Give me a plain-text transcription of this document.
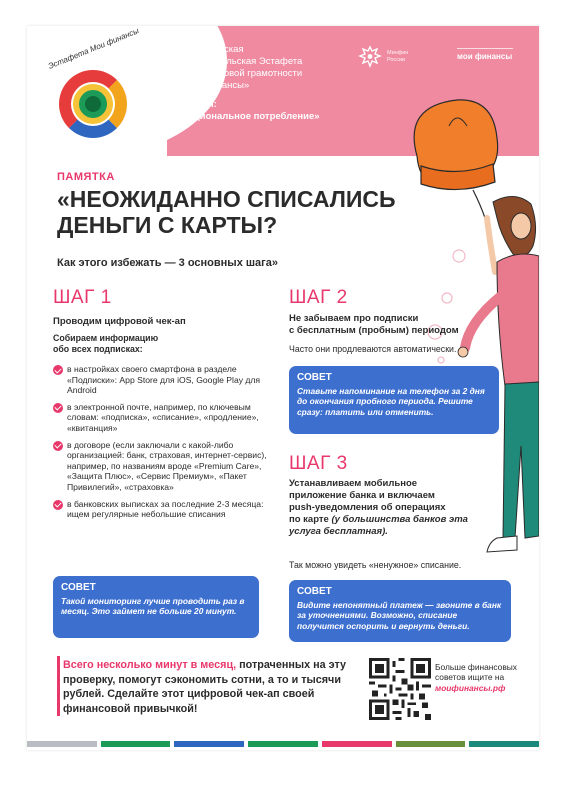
Эстафета Мои финансы	Всероссийская
просветительская Эстафета
по финансовой грамотности
«Мои финансы»
Этап VII:
«Рациональное потребление»
Минфин России	мои финансы
ПАМЯТКА
«НЕОЖИДАННО СПИСАЛИСЬ
ДЕНЬГИ С КАРТЫ?
Как этого избежать — 3 основных шага»
ШАГ 1
Проводим цифровой чек-ап
Собираем информацию
обо всех подписках:
в настройках своего смартфона в разделе «Подписки»: App Store для iOS, Google Play для Android
в электронной почте, например, по ключевым словам: «подписка», «списание», «продление», «квитанция»
в договоре (если заключали с какой-либо организацией: банк, страховая, интернет-сервис), например, по названиям вроде «Premium Care», «Защита Плюс», «Сервис Премиум», «Пакет Привилегий», «страховка»
в банковских выписках за последние 2-3 месяца: ищем регулярные небольшие списания
СОВЕТ
Такой мониторинг лучше проводить раз в месяц. Это займет не больше 20 минут.
ШАГ 2
Не забываем про подписки
с бесплатным (пробным) периодом
Часто они продлеваются автоматически.
СОВЕТ
Ставьте напоминание на телефон за 2 дня до окончания пробного периода. Решите сразу: платить или отменить.
ШАГ 3
Устанавливаем мобильное
приложение банка и включаем
push-уведомления об операциях
по карте (у большинства банков эта услуга бесплатная).
Так можно увидеть «ненужное» списание.
СОВЕТ
Видите непонятный платеж — звоните в банк за уточнениями. Возможно, списание получится оспорить и вернуть деньги.
Всего несколько минут в месяц, потраченных на эту проверку, помогут сэкономить сотни, а то и тысячи рублей. Сделайте этот цифровой чек-ап своей финансовой привычкой!
Больше финансовых советов ищите на
моифинансы.рф
